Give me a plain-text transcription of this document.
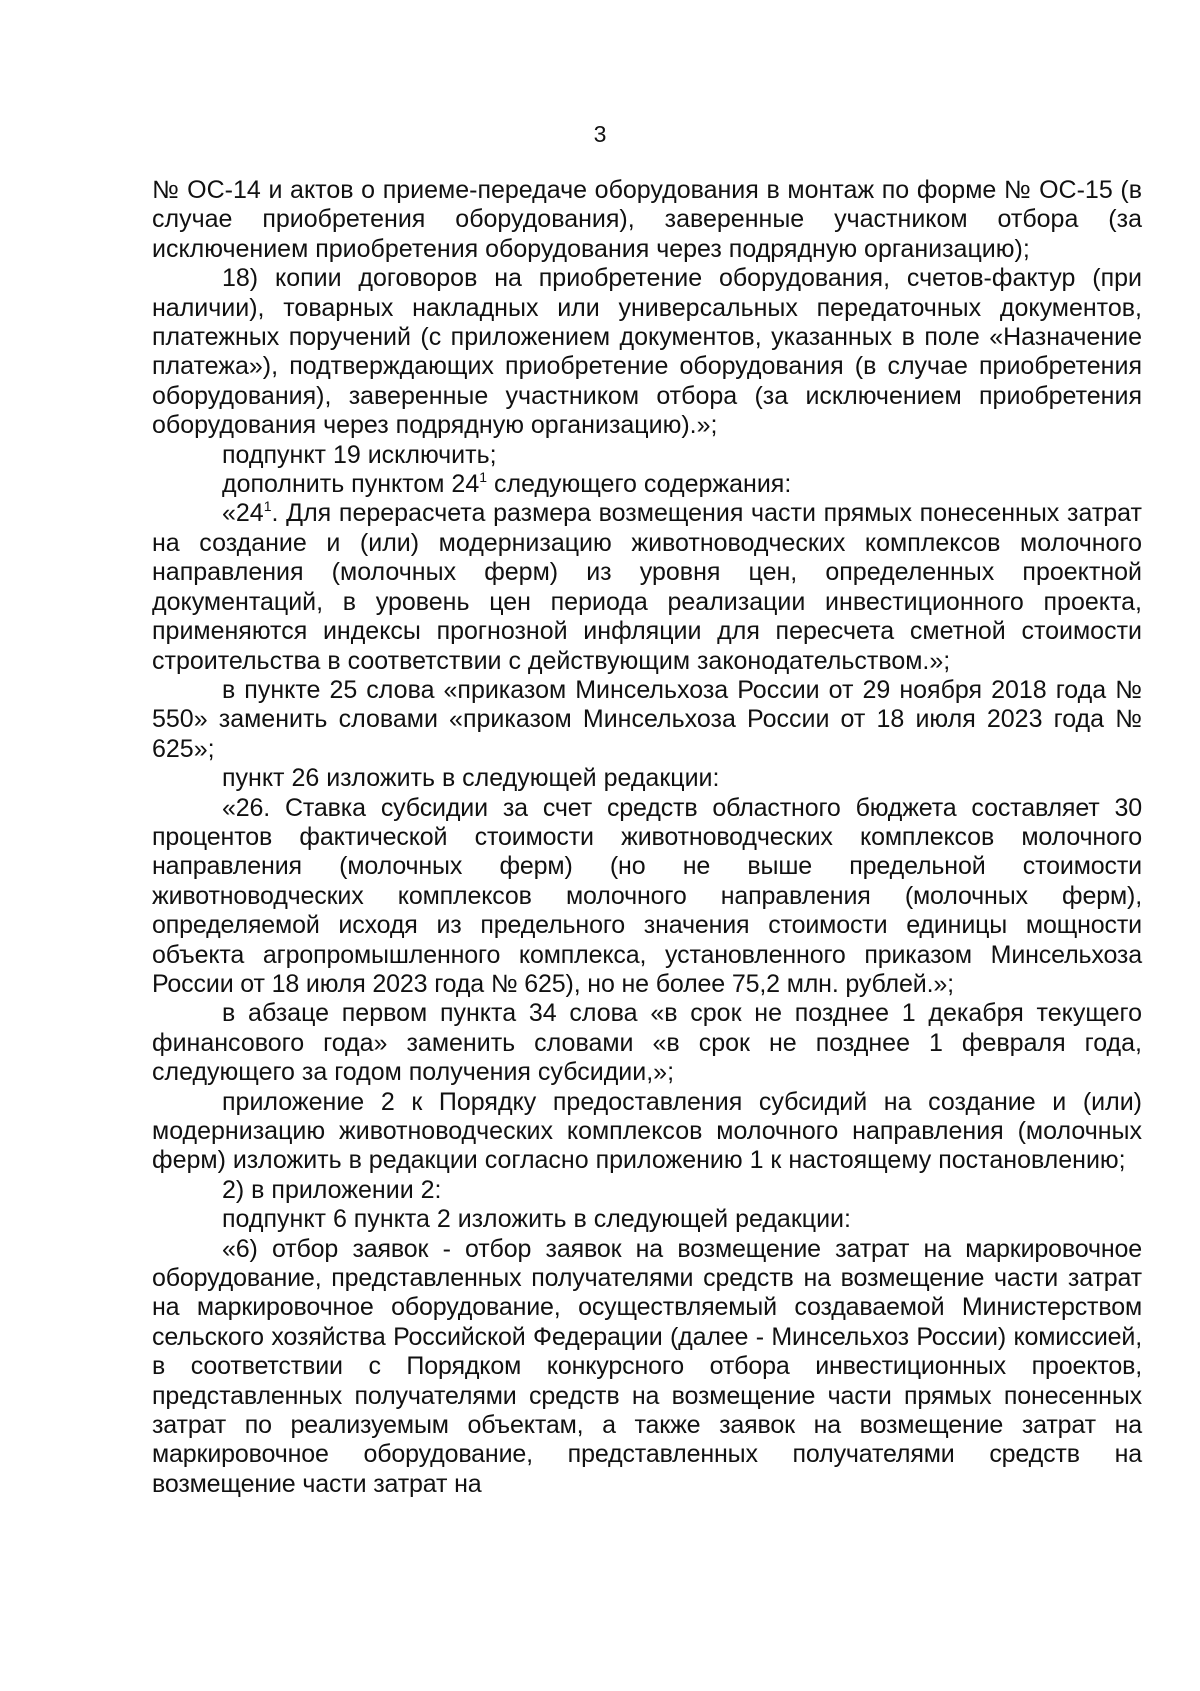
3

№ ОС-14 и актов о приеме-передаче оборудования в монтаж по форме № ОС-15 (в случае приобретения оборудования), заверенные участником отбора (за исключением приобретения оборудования через подрядную организацию);

18) копии договоров на приобретение оборудования, счетов-фактур (при наличии), товарных накладных или универсальных передаточных документов, платежных поручений (с приложением документов, указанных в поле «Назначение платежа»), подтверждающих приобретение оборудования (в случае приобретения оборудования), заверенные участником отбора (за исключением приобретения оборудования через подрядную организацию).»;

подпункт 19 исключить;

дополнить пунктом $24^1$ следующего содержания:

«$24^1$. Для перерасчета размера возмещения части прямых понесенных затрат на создание и (или) модернизацию животноводческих комплексов молочного направления (молочных ферм) из уровня цен, определенных проектной документаций, в уровень цен периода реализации инвестиционного проекта, применяются индексы прогнозной инфляции для пересчета сметной стоимости строительства в соответствии с действующим законодательством.»;

в пункте 25 слова «приказом Минсельхоза России от 29 ноября 2018 года № 550» заменить словами «приказом Минсельхоза России от 18 июля 2023 года № 625»;

пункт 26 изложить в следующей редакции:

«26. Ставка субсидии за счет средств областного бюджета составляет 30 процентов фактической стоимости животноводческих комплексов молочного направления (молочных ферм) (но не выше предельной стоимости животноводческих комплексов молочного направления (молочных ферм), определяемой исходя из предельного значения стоимости единицы мощности объекта агропромышленного комплекса, установленного приказом Минсельхоза России от 18 июля 2023 года № 625), но не более 75,2 млн. рублей.»;

в абзаце первом пункта 34 слова «в срок не позднее 1 декабря текущего финансового года» заменить словами «в срок не позднее 1 февраля года, следующего за годом получения субсидии,»;

приложение 2 к Порядку предоставления субсидий на создание и (или) модернизацию животноводческих комплексов молочного направления (молочных ферм) изложить в редакции согласно приложению 1 к настоящему постановлению;

2) в приложении 2:

подпункт 6 пункта 2 изложить в следующей редакции:

«6) отбор заявок - отбор заявок на возмещение затрат на маркировочное оборудование, представленных получателями средств на возмещение части затрат на маркировочное оборудование, осуществляемый создаваемой Министерством сельского хозяйства Российской Федерации (далее - Минсельхоз России) комиссией, в соответствии с Порядком конкурсного отбора инвестиционных проектов, представленных получателями средств на возмещение части прямых понесенных затрат по реализуемым объектам, а также заявок на возмещение затрат на маркировочное оборудование, представленных получателями средств на возмещение части затрат на
